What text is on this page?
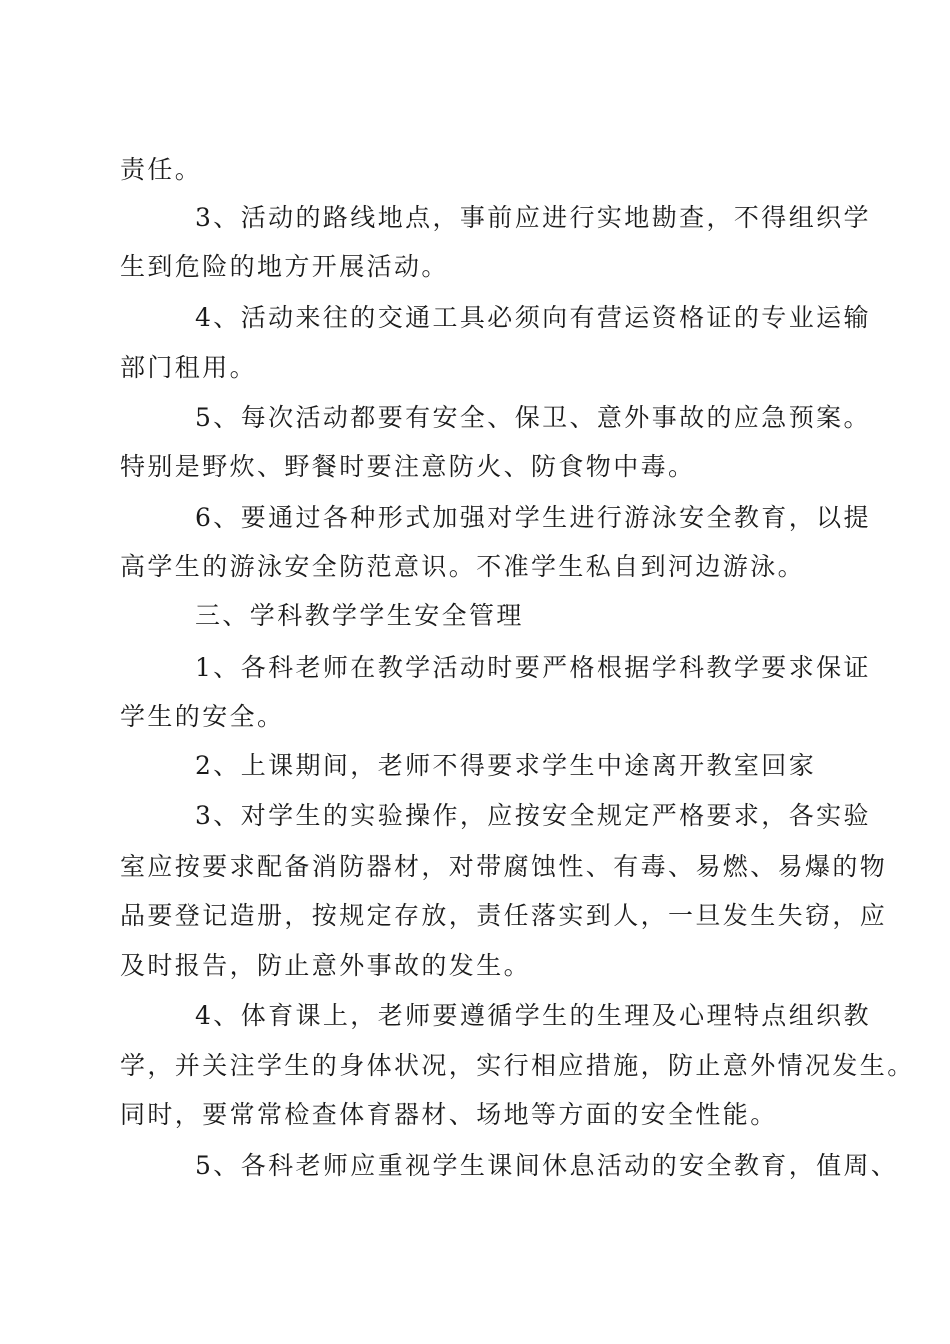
责任。
3、活动的路线地点，事前应进行实地勘查，不得组织学
生到危险的地方开展活动。
4、活动来往的交通工具必须向有营运资格证的专业运输
部门租用。
5、每次活动都要有安全、保卫、意外事故的应急预案。
特别是野炊、野餐时要注意防火、防食物中毒。
6、要通过各种形式加强对学生进行游泳安全教育，以提
高学生的游泳安全防范意识。不准学生私自到河边游泳。
三、学科教学学生安全管理
1、各科老师在教学活动时要严格根据学科教学要求保证
学生的安全。
2、上课期间，老师不得要求学生中途离开教室回家
3、对学生的实验操作，应按安全规定严格要求，各实验
室应按要求配备消防器材，对带腐蚀性、有毒、易燃、易爆的物
品要登记造册，按规定存放，责任落实到人，一旦发生失窃，应
及时报告，防止意外事故的发生。
4、体育课上，老师要遵循学生的生理及心理特点组织教
学，并关注学生的身体状况，实行相应措施，防止意外情况发生。
同时，要常常检查体育器材、场地等方面的安全性能。
5、各科老师应重视学生课间休息活动的安全教育，值周、
